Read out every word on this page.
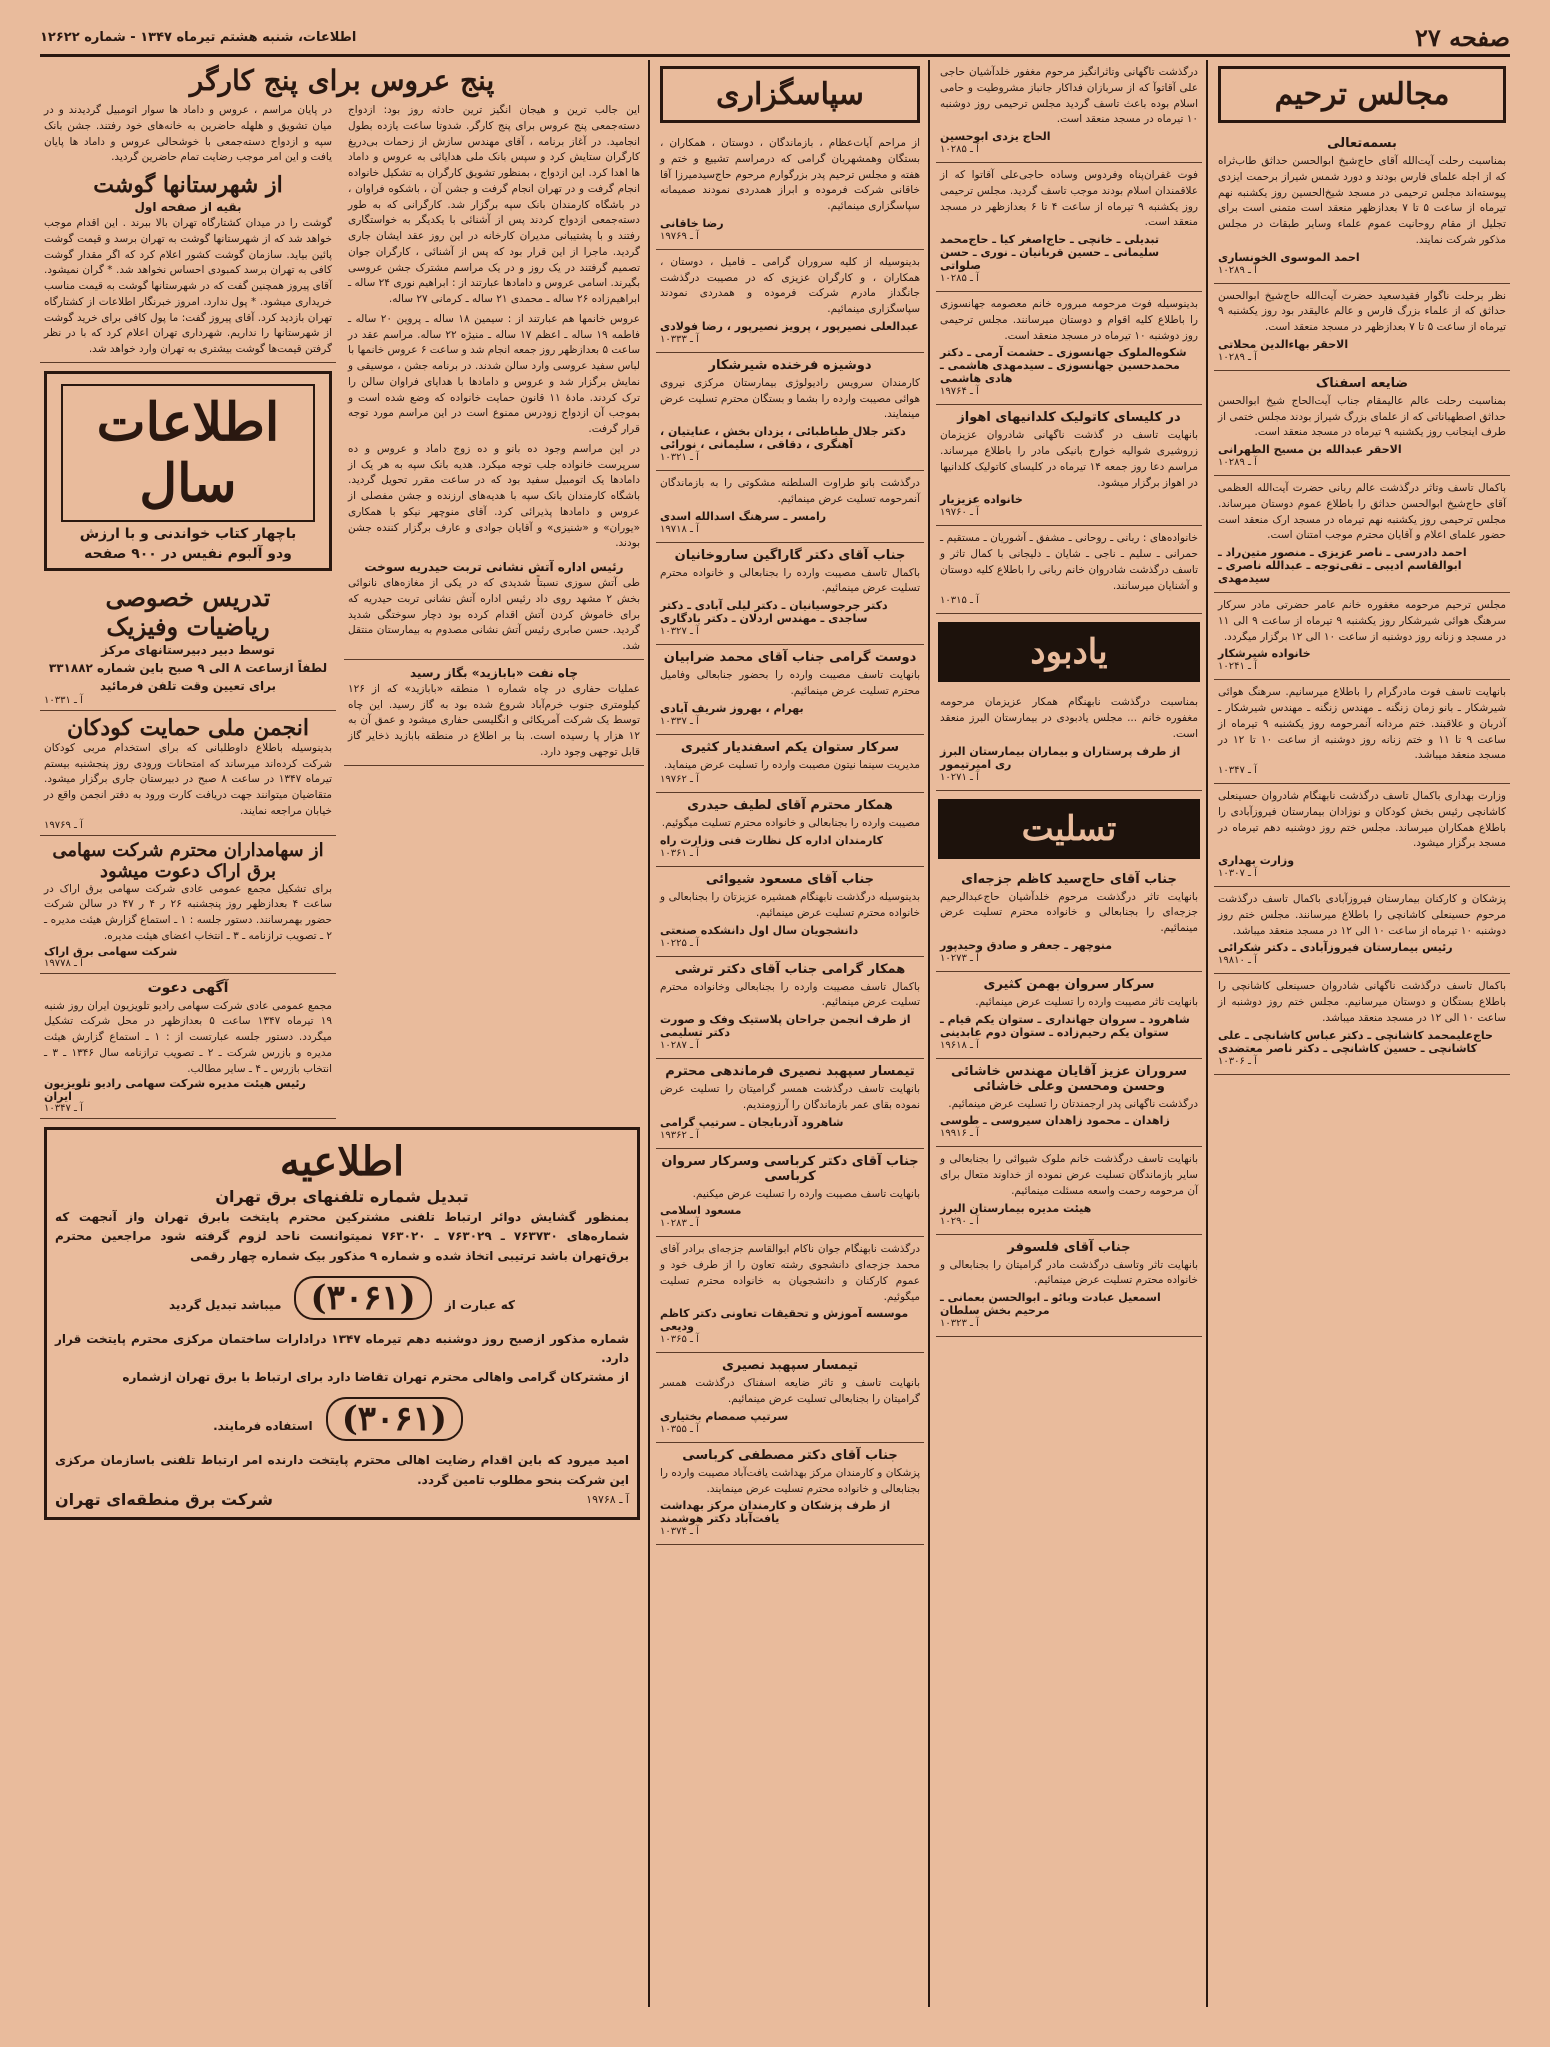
صفحه ۲۷
اطلاعات، شنبه هشتم تیرماه ۱۳۴۷ - شماره ۱۲۶۲۲
مجالس ترحیم
بسمه‌تعالی
بمناسبت رحلت آیت‌الله آقای حاج‌شیخ ابوالحسن حداثق طاب‌ثراه که از اجله علمای فارس بودند و دورد شمس شیراز برحمت ایزدی پیوسته‌اند مجلس ترحیمی در مسجد شیخ‌الحسین روز یکشنبه نهم تیرماه از ساعت ۵ تا ۷ بعدازظهر منعقد است متمنی است برای تجلیل از مقام روحانیت عموم علماء وسایر طبقات در مجلس مذکور شرکت نمایند.
احمد الموسوی الخونساری
آ ـ ۱۰۲۸۹
نظر برحلت ناگوار فقیدسعید حضرت آیت‌الله حاج‌شیخ ابوالحسن حداثق که از علماء بزرگ فارس و عالم عالیقدر بود روز یکشنبه ۹ تیرماه از ساعت ۵ تا ۷ بعدازظهر در مسجد منعقد است.
الاحقر بهاءالدین محلاتی
آ ـ ۱۰۲۸۹
ضایعه اسفناک
بمناسبت رحلت عالم عالیمقام جناب آیت‌الحاج شیخ ابوالحسن حداثق اصطهباناتی که از علمای بزرگ شیراز بودند مجلس ختمی از طرف اینجانب روز یکشنبه ۹ تیرماه در مسجد منعقد است.
الاحقر عبدالله بن مسیح الطهرانی
آ ـ ۱۰۲۸۹
باکمال تاسف وتاثر درگذشت عالم ربانی حضرت آیت‌الله العظمی آقای حاج‌شیخ ابوالحسن حداثق را باطلاع عموم دوستان میرساند. مجلس ترحیمی روز یکشنبه نهم تیرماه در مسجد ارک منعقد است حضور علمای اعلام و آقایان محترم موجب امتنان است.
احمد دادرسی ـ ناصر عزیزی ـ منصور متین‌راد ـ ابوالقاسم ادیبی ـ تقی‌توجه ـ عبدالله ناصری ـ سیدمهدی
مجلس ترحیم مرحومه مغفوره خانم عامر حضرتی مادر سرکار سرهنگ هوائی شیرشکار روز یکشنبه ۹ تیرماه از ساعت ۹ الی ۱۱ در مسجد و زنانه روز دوشنبه از ساعت ۱۰ الی ۱۲ برگزار میگردد.
خانواده شیرشکار
آ ـ ۱۰۲۴۱
بانهایت تاسف فوت مادرگرام را باطلاع میرسانیم. سرهنگ هوائی شیرشکار ـ بانو زمان زنگنه ـ مهندس زنگنه ـ مهندس شیرشکار ـ آذربان و علاقبند. ختم مردانه آنمرحومه روز یکشنبه ۹ تیرماه از ساعت ۹ تا ۱۱ و ختم زنانه روز دوشنبه از ساعت ۱۰ تا ۱۲ در مسجد منعقد میباشد.
آ ـ ۱۰۳۴۷
وزارت بهداری باکمال تاسف درگذشت نابهنگام شادروان حسینعلی کاشانچی رئیس بخش کودکان و نوزادان بیمارستان فیروزآبادی را باطلاع همکاران میرساند. مجلس ختم روز دوشنبه دهم تیرماه در مسجد برگزار میشود.
وزارت بهداری
آ ـ ۱۰۳۰۷
پزشکان و کارکنان بیمارستان فیروزآبادی باکمال تاسف درگذشت مرحوم حسینعلی کاشانچی را باطلاع میرسانند. مجلس ختم روز دوشنبه ۱۰ تیرماه از ساعت ۱۰ الی ۱۲ در مسجد منعقد میباشد.
رئیس بیمارستان فیروزآبادی ـ دکتر شکرائی
آ ـ ۱۹۸۱۰
باکمال تاسف درگذشت ناگهانی شادروان حسینعلی کاشانچی را باطلاع بستگان و دوستان میرسانیم. مجلس ختم روز دوشنبه از ساعت ۱۰ الی ۱۲ در مسجد منعقد میباشد.
حاج‌علیمحمد کاشانچی ـ دکتر عباس کاشانچی ـ علی کاشانچی ـ حسین کاشانچی ـ دکتر ناصر معتضدی
آ ـ ۱۰۳۰۶
درگذشت تاگهانی وتاثرانگیز مرحوم مغفور خلدآشیان حاجی علی آقاتوآ که از سربازان فداکار جانباز مشروطیت و حامی اسلام بوده باعث تاسف گردید مجلس ترحیمی روز دوشنبه ۱۰ تیرماه در مسجد منعقد است.
الحاج یزدی ابوحسین
آ ـ ۱۰۲۸۵
فوت غفران‌پناه وفردوس وساده حاجی‌علی آقاتوا که از علاقمندان اسلام بودند موجب تاسف گردید. مجلس ترحیمی روز یکشنبه ۹ تیرماه از ساعت ۴ تا ۶ بعدازظهر در مسجد منعقد است.
تبدیلی ـ خانچی ـ حاج‌اصغر کیا ـ حاج‌محمد سلیمانی ـ حسین قربانیان ـ نوری ـ حسن صلواتی
آ ـ ۱۰۲۸۵
بدینوسیله فوت مرحومه مبروره خانم معصومه جهانسوزی را باطلاع کلیه اقوام و دوستان میرسانند. مجلس ترحیمی روز دوشنبه ۱۰ تیرماه در مسجد منعقد است.
شکوه‌الملوک جهانسوزی ـ حشمت آرمی ـ دکتر محمدحسین جهانسوزی ـ سیدمهدی هاشمی ـ هادی هاشمی
آ ـ ۱۹۷۶۴
در کلیسای کاتولیک کلدانیهای اهواز
بانهایت تاسف در گذشت ناگهانی شادروان عزیزمان زروشیری شوالیه خوارج بانیکی مادر را باطلاع میرساند. مراسم دعا روز جمعه ۱۴ تیرماه در کلیسای کاتولیک کلدانیها در اهواز برگزار میشود.
خانواده عزیزیار
آ ـ ۱۹۷۶۰
خانواده‌های : ربانی ـ روحانی ـ مشفق ـ آشوریان ـ مستقیم ـ حمرانی ـ سلیم ـ ناجی ـ شایان ـ دلیجانی با کمال تاثر و تاسف درگذشت شادروان خانم ربانی را باطلاع کلیه دوستان و آشنایان میرسانند.
آ ـ ۱۰۳۱۵
یادبود
بمناسبت درگذشت نابهنگام همکار عزیزمان مرحومه مغفوره خانم ... مجلس یادبودی در بیمارستان البرز منعقد است.
از طرف پرستاران و بیماران بیمارستان البرز ری امیرتیمور
آ ـ ۱۰۲۷۱
تسلیت
جناب آقای حاج‌سید کاظم جزجه‌ای
بانهایت تاثر درگذشت مرحوم خلدآشیان حاج‌عبدالرحیم جزجه‌ای را بجنابعالی و خانواده محترم تسلیت عرض مینمائیم.
منوچهر ـ جعفر و صادق وحیدپور
آ ـ ۱۰۲۷۳
سرکار سروان بهمن کثیری
بانهایت تاثر مصیبت وارده را تسلیت عرض مینمائیم.
شاهرود ـ سروان جهانداری ـ ستوان یکم قیام ـ ستوان یکم رحیم‌زاده ـ ستوان دوم عابدینی
آ ـ ۱۹۶۱۸
سروران عزیز آقایان مهندس خاشائی وحسن ومحسن وعلی خاشائی
درگذشت ناگهانی پدر ارجمندتان را تسلیت عرض مینمائیم.
زاهدان ـ محمود زاهدان سیروسی ـ طوسی
آ ـ ۱۹۹۱۶
بانهایت تاسف درگذشت خانم ملوک شیوائی را بجنابعالی و سایر بازماندگان تسلیت عرض نموده از خداوند متعال برای آن مرحومه رحمت واسعه مسئلت مینمائیم.
هیئت مدیره بیمارستان البرز
آ ـ ۱۰۲۹۰
جناب آقای فلسوفر
بانهایت تاثر وتاسف درگذشت مادر گرامیتان را بجنابعالی و خانواده محترم تسلیت عرض مینمائیم.
اسمعیل عبادت وبائو ـ ابوالحسن بعمانی ـ مرحیم بخش سلطان
آ ـ ۱۰۳۲۳
سپاسگزاری
از مراحم آیات‌عظام ، بازماندگان ، دوستان ، همکاران ، بستگان وهمشهریان گرامی که درمراسم تشییع و ختم و هفته و مجلس ترحیم پدر بزرگوارم مرحوم حاج‌سیدمیرزا آقا خاقانی شرکت فرموده و ابراز همدردی نمودند صمیمانه سپاسگزاری مینمائیم.
رضا خاقانی
آ ـ ۱۹۷۶۹
بدینوسیله از کلیه سروران گرامی ـ فامیل ، دوستان ، همکاران ، و کارگران عزیزی که در مصیبت درگذشت جانگداز مادرم شرکت فرموده و همدردی نمودند سپاسگزاری مینمائیم.
عبدالعلی نصیرپور ، پرویز نصیرپور ، رضا فولادی
آ ـ ۱۰۳۳۳
دوشیزه فرخنده شیرشکار
کارمندان سرویس رادیولوژی بیمارستان مرکزی نیروی هوائی مصیبت وارده را بشما و بستگان محترم تسلیت عرض مینمایند.
دکتر جلال طباطبائی ، یزدان بخش ، عنایتیان ، آهنگری ، دقاقی ، سلیمانی ، نورائی
آ ـ ۱۰۳۲۱
درگذشت بانو طراوت السلطنه مشکوتی را به بازماندگان آنمرحومه تسلیت عرض مینمائیم.
رامسر ـ سرهنگ اسدالله اسدی
آ ـ ۱۹۷۱۸
جناب آقای دکتر گاراگین ساروخانیان
باکمال تاسف مصیبت وارده را بجنابعالی و خانواده محترم تسلیت عرض مینمائیم.
دکتر جرجوسیانیان ـ دکتر لیلی آبادی ـ دکتر ساجدی ـ مهندس اردلان ـ دکتر بادگاری
آ ـ ۱۰۳۲۷
دوست گرامی جناب آقای محمد ضرابیان
بانهایت تاسف مصیبت وارده را بحضور جنابعالی وفامیل محترم تسلیت عرض مینمائیم.
بهرام ، بهروز شریف آبادی
آ ـ ۱۰۳۳۷
سرکار ستوان یکم اسفندیار کثیری
مدیریت سینما نیتون مصیبت وارده را تسلیت عرض مینماید.
آ ـ ۱۹۷۶۲
همکار محترم آقای لطیف حیدری
مصیبت وارده را بجنابعالی و خانواده محترم تسلیت میگوئیم.
کارمندان اداره کل نظارت فنی وزارت راه
آ ـ ۱۰۳۶۱
جناب آقای مسعود شیوائی
بدینوسیله درگذشت نابهنگام همشیره عزیزتان را بجنابعالی و خانواده محترم تسلیت عرض مینمائیم.
دانشجویان سال اول دانشکده صنعتی
آ ـ ۱۰۲۲۵
همکار گرامی جناب آقای دکتر ترشی
باکمال تاسف مصیبت وارده را بجنابعالی وخانواده محترم تسلیت عرض مینمائیم.
از طرف انجمن جراحان پلاستیک وفک و صورت دکتر تسلیمی
آ ـ ۱۰۲۸۷
تیمسار سپهبد نصیری فرماندهی محترم
بانهایت تاسف درگذشت همسر گرامیتان را تسلیت عرض نموده بقای عمر بازماندگان را آرزومندیم.
شاهرود آذربایجان ـ سرتیپ گرامی
آ ـ ۱۹۳۶۲
جناب آقای دکتر کرباسی وسرکار سروان کرباسی
بانهایت تاسف مصیبت وارده را تسلیت عرض میکنیم.
مسعود اسلامی
آ ـ ۱۰۲۸۳
درگذشت نابهنگام جوان ناکام ابوالقاسم جزجه‌ای برادر آقای محمد جزجه‌ای دانشجوی رشته تعاون را از طرف خود و عموم کارکنان و دانشجویان به خانواده محترم تسلیت میگوئیم.
موسسه آموزش و تحقیقات تعاونی دکتر کاظم ودیعی
آ ـ ۱۰۳۶۵
تیمسار سپهبد نصیری
بانهایت تاسف و تاثر ضایعه اسفناک درگذشت همسر گرامیتان را بجنابعالی تسلیت عرض مینمائیم.
سرتیپ صمصام بختیاری
آ ـ ۱۰۳۵۵
جناب آقای دکتر مصطفی کرباسی
پزشکان و کارمندان مرکز بهداشت یافت‌آباد مصیبت وارده را بجنابعالی و خانواده محترم تسلیت عرض مینمایند.
از طرف پزشکان و کارمندان مرکز بهداشت یافت‌آباد دکتر هوشمند
آ ـ ۱۰۳۷۴
پنج عروس برای پنج کارگر
این جالب ترین و هیجان انگیز ترین حادثه روز بود: ازدواج دسته‌جمعی پنج عروس برای پنج کارگر. شدوتا ساعت یازده بطول انجامید. در آغاز برنامه ، آقای مهندس سازش از زحمات بی‌دریغ کارگران ستایش کرد و سپس بانک ملی هدایائی به عروس و داماد ها اهدا کرد. این ازدواج ، بمنظور تشویق کارگران به تشکیل خانواده انجام گرفت و در تهران انجام گرفت و جشن آن ، باشکوه فراوان ، در باشگاه کارمندان بانک سپه برگزار شد. کارگرانی که به طور دسته‌جمعی ازدواج کردند پس از آشنائی با یکدیگر به خواستگاری رفتند و با پشتیبانی مدیران کارخانه در این روز عقد ایشان جاری گردید. ماجرا از این قرار بود که پس از آشنائی ، کارگران جوان تصمیم گرفتند در یک روز و در یک مراسم مشترک جشن عروسی بگیرند. اسامی عروس و دامادها عبارتند از : ابراهیم نوری ۲۴ ساله ـ ابراهیم‌زاده ۲۶ ساله ـ محمدی ۲۱ ساله ـ کرمانی ۲۷ ساله.
عروس خانمها هم عبارتند از : سیمین ۱۸ ساله ـ پروین ۲۰ ساله ـ فاطمه ۱۹ ساله ـ اعظم ۱۷ ساله ـ منیژه ۲۲ ساله. مراسم عقد در ساعت ۵ بعدازظهر روز جمعه انجام شد و ساعت ۶ عروس خانمها با لباس سفید عروسی وارد سالن شدند. در برنامه جشن ، موسیقی و نمایش برگزار شد و عروس و دامادها با هدایای فراوان سالن را ترک کردند. مادهٔ ۱۱ قانون حمایت خانواده که وضع شده است و بموجب آن ازدواج زودرس ممنوع است در این مراسم مورد توجه قرار گرفت.
در این مراسم وجود ده بانو و ده زوج داماد و عروس و ده سرپرست خانواده جلب توجه میکرد. هدیه بانک سپه به هر یک از دامادها یک اتومبیل سفید بود که در ساعت مقرر تحویل گردید. باشگاه کارمندان بانک سپه با هدیه‌های ارزنده و جشن مفصلی از عروس و دامادها پذیرائی کرد. آقای منوچهر نیکو با همکاری «یوران» و «شنیزی» و آقایان جوادی و عارف برگزار کننده جشن بودند.
رئیس اداره آتش نشانی تربت حیدریه سوخت
طی آتش سوزی نسبتاً شدیدی که در یکی از مغازه‌های نانوائی بخش ۲ مشهد روی داد رئیس اداره آتش نشانی تربت حیدریه که برای خاموش کردن آتش اقدام کرده بود دچار سوختگی شدید گردید. حسن صابری رئیس آتش نشانی مصدوم به بیمارستان منتقل شد.
چاه نفت «بابازید» بگاز رسید
عملیات حفاری در چاه شماره ۱ منطقه «بابازید» که از ۱۲۶ کیلومتری جنوب خرم‌آباد شروع شده بود به گاز رسید. این چاه توسط یک شرکت آمریکائی و انگلیسی حفاری میشود و عمق آن به ۱۲ هزار پا رسیده است. بنا بر اطلاع در منطقه بابازید ذخایر گاز قابل توجهی وجود دارد.
در پایان مراسم ، عروس و داماد ها سوار اتومبیل گردیدند و در میان تشویق و هلهله حاضرین به خانه‌های خود رفتند. جشن بانک سپه و ازدواج دسته‌جمعی با خوشحالی عروس و داماد ها پایان یافت و این امر موجب رضایت تمام حاضرین گردید.
از شهرستانها گوشت
بقیه از صفحه اول
گوشت را در میدان کشتارگاه تهران بالا ببرند . این اقدام موجب خواهد شد که از شهرستانها گوشت به تهران برسد و قیمت گوشت پائین بیاید. سازمان گوشت کشور اعلام کرد که اگر مقدار گوشت کافی به تهران برسد کمبودی احساس نخواهد شد. * گران نمیشود. آقای پیروز همچنین گفت که در شهرستانها گوشت به قیمت مناسب خریداری میشود. * پول ندارد. امروز خبرنگار اطلاعات از کشتارگاه تهران بازدید کرد. آقای پیروز گفت: ما پول کافی برای خرید گوشت از شهرستانها را نداریم. شهرداری تهران اعلام کرد که با در نظر گرفتن قیمت‌ها گوشت بیشتری به تهران وارد خواهد شد.
اطلاعات سال
باچهار کتاب خواندنی و با ارزش
ودو آلبوم نفیس در ۹۰۰ صفحه
تدریس خصوصی
ریاضیات وفیزیک
توسط دبیر دبیرستانهای مرکز
لطفاً ازساعت ۸ الی ۹ صبح باین شماره ۳۳۱۸۸۲
برای تعیین وقت تلفن فرمائید
آ ـ ۱۰۳۳۱
انجمن ملی حمایت کودکان
بدینوسیله باطلاع داوطلبانی که برای استخدام مربی کودکان شرکت کرده‌اند میرساند که امتحانات ورودی روز پنجشنبه بیستم تیرماه ۱۳۴۷ در ساعت ۸ صبح در دبیرستان جاری برگزار میشود. متقاضیان میتوانند جهت دریافت کارت ورود به دفتر انجمن واقع در خیابان مراجعه نمایند.
آ ـ ۱۹۷۶۹
از سهامداران محترم شرکت سهامی برق اراک دعوت میشود
برای تشکیل مجمع عمومی عادی شرکت سهامی برق اراک در ساعت ۴ بعدازظهر روز پنجشنبه ۲۶ ر ۴ ر ۴۷ در سالن شرکت حضور بهمرسانند. دستور جلسه : ۱ ـ استماع گزارش هیئت مدیره ـ ۲ ـ تصویب ترازنامه ـ ۳ ـ انتخاب اعضای هیئت مدیره.
شرکت سهامی برق اراک
آ ـ ۱۹۷۷۸
آگهی دعوت
مجمع عمومی عادی شرکت سهامی رادیو تلویزیون ایران روز شنبه ۱۹ تیرماه ۱۳۴۷ ساعت ۵ بعدازظهر در محل شرکت تشکیل میگردد. دستور جلسه عبارتست از : ۱ ـ استماع گزارش هیئت مدیره و بازرس شرکت ـ ۲ ـ تصویب ترازنامه سال ۱۳۴۶ ـ ۳ ـ انتخاب بازرس ـ ۴ ـ سایر مطالب.
رئیس هیئت مدیره شرکت سهامی رادیو تلویزیون ایران
آ ـ ۱۰۳۴۷
اطلاعیه
تبدیل شماره تلفنهای برق تهران
بمنظور گشایش دوائر ارتباط تلفنی مشترکین محترم پایتخت بابرق تهران واز آنجهت که شماره‌های ۷۶۳۷۳۰ ـ ۷۶۳۰۲۹ ـ ۷۶۳۰۲۰ نمیتوانست ناحد لزوم گرفته شود مراجعین محترم برق‌تهران باشد ترتیبی اتخاذ شده و شماره ۹ مذکور بیک شماره چهار رقمی
که عبارت از (۳۰۶۱) میباشد تبدیل گردید
شماره مذکور ازصبح روز دوشنبه دهم تیرماه ۱۳۴۷ درادارات ساختمان مرکزی محترم پایتخت قرار دارد.
از مشترکان گرامی واهالی محترم تهران تقاضا دارد برای ارتباط با برق تهران ازشماره
(۳۰۶۱) استفاده فرمایند.
امید میرود که باین اقدام رضایت اهالی محترم پایتخت دارنده امر ارتباط تلفنی باسازمان مرکزی این شرکت بنحو مطلوب تامین گردد.
آ ـ ۱۹۷۶۸
شرکت برق منطقه‌ای تهران
